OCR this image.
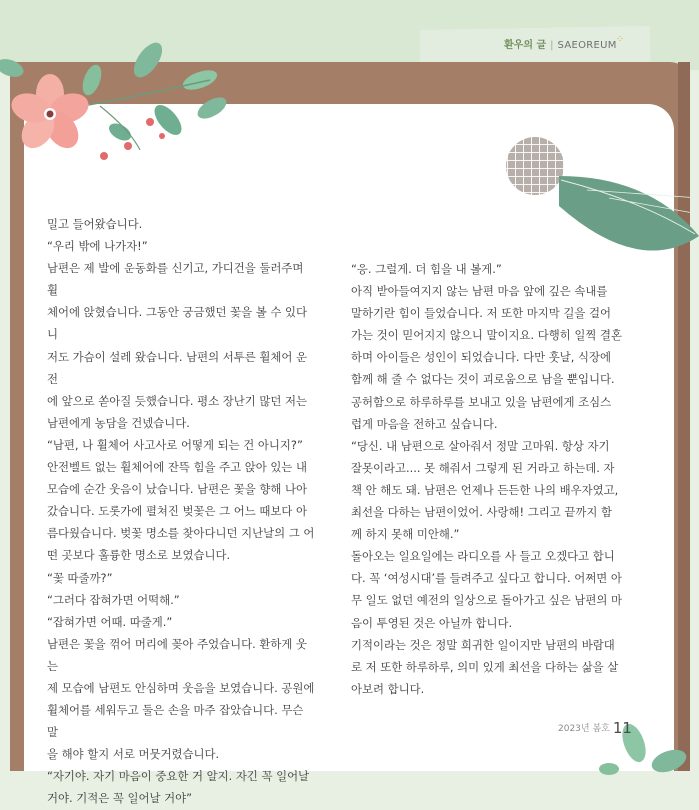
환우의 글 | SAEOREUM
⁘

밀고 들어왔습니다.

“우리 밖에 나가자!”

남편은 제 발에 운동화를 신기고, 가디건을 둘러주며 휠

체어에 앉혔습니다. 그동안 궁금했던 꽃을 볼 수 있다니

저도 가슴이 설레 왔습니다. 남편의 서투른 휠체어 운전

에 앞으로 쏟아질 듯했습니다. 평소 장난기 많던 저는

남편에게 농담을 건넸습니다.

“남편, 나 휠체어 사고사로 어떻게 되는 건 아니지?”

안전벨트 없는 휠체어에 잔뜩 힘을 주고 앉아 있는 내

모습에 순간 웃음이 났습니다. 남편은 꽃을 향해 나아

갔습니다. 도롯가에 펼쳐진 벚꽃은 그 어느 때보다 아

름다웠습니다. 벚꽃 명소를 찾아다니던 지난날의 그 어

떤 곳보다 훌륭한 명소로 보였습니다.

“꽃 따줄까?”

“그러다 잡혀가면 어떡해.”

“잡혀가면 어때. 따줄게.”

남편은 꽃을 꺾어 머리에 꽂아 주었습니다. 환하게 웃는

제 모습에 남편도 안심하며 웃음을 보였습니다. 공원에

휠체어를 세워두고 둘은 손을 마주 잡았습니다. 무슨 말

을 해야 할지 서로 머뭇거렸습니다.

“자기야. 자기 마음이 중요한 거 알지. 자긴 꼭 일어날

거야. 기적은 꼭 일어날 거야”

“응. 그럴게. 더 힘을 내 볼게.”

아직 받아들여지지 않는 남편 마음 앞에 깊은 속내를

말하기란 힘이 들었습니다. 저 또한 마지막 길을 걸어

가는 것이 믿어지지 않으니 말이지요. 다행히 일찍 결혼

하며 아이들은 성인이 되었습니다. 다만 훗날, 식장에

함께 해 줄 수 없다는 것이 괴로움으로 남을 뿐입니다.

공허함으로 하루하루를 보내고 있을 남편에게 조심스

럽게 마음을 전하고 싶습니다.

“당신. 내 남편으로 살아줘서 정말 고마워. 항상 자기

잘못이라고.... 못 해줘서 그렇게 된 거라고 하는데. 자

책 안 해도 돼. 남편은 언제나 든든한 나의 배우자였고,

최선을 다하는 남편이었어. 사랑해! 그리고 끝까지 함

께 하지 못해 미안해.”

돌아오는 일요일에는 라디오를 사 들고 오겠다고 합니

다. 꼭 ‘여성시대’를 들려주고 싶다고 합니다. 어쩌면 아

무 일도 없던 예전의 일상으로 돌아가고 싶은 남편의 마

음이 투영된 것은 아닐까 합니다.

기적이라는 것은 정말 희귀한 일이지만 남편의 바람대

로 저 또한 하루하루, 의미 있게 최선을 다하는 삶을 살

아보려 합니다.

2023년 봄호 11
